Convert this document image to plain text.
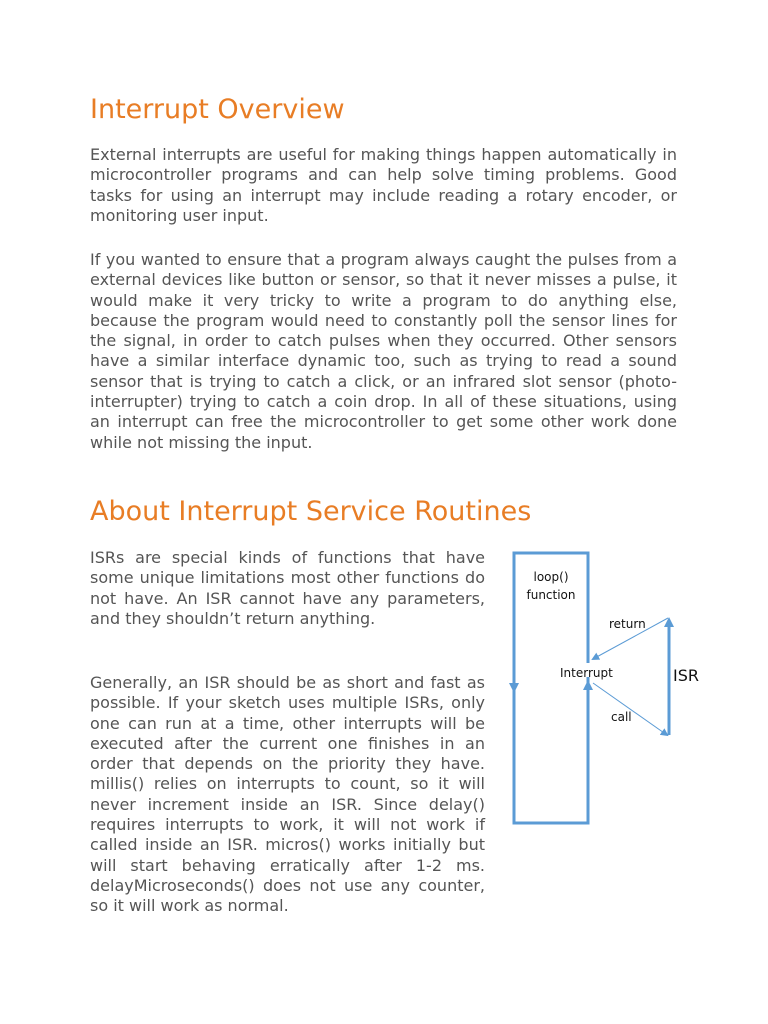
Interrupt Overview

External interrupts are useful for making things happen automatically in microcontroller programs and can help solve timing problems. Good tasks for using an interrupt may include reading a rotary encoder, or monitoring user input.

If you wanted to ensure that a program always caught the pulses from a external devices like button or sensor, so that it never misses a pulse, it would make it very tricky to write a program to do anything else, because the program would need to constantly poll the sensor lines for the signal, in order to catch pulses when they occurred. Other sensors have a similar interface dynamic too, such as trying to read a sound sensor that is trying to catch a click, or an infrared slot sensor (photo-interrupter) trying to catch a coin drop. In all of these situations, using an interrupt can free the microcontroller to get some other work done while not missing the input.

About Interrupt Service Routines

ISRs are special kinds of functions that have some unique limitations most other functions do not have. An ISR cannot have any parameters, and they shouldn’t return anything.

Generally, an ISR should be as short and fast as possible. If your sketch uses multiple ISRs, only one can run at a time, other interrupts will be executed after the current one finishes in an order that depends on the priority they have. millis() relies on interrupts to count, so it will never increment inside an ISR. Since delay() requires interrupts to work, it will not work if called inside an ISR. micros() works initially but will start behaving erratically after 1-2 ms. delayMicroseconds() does not use any counter, so it will work as normal.

loop()
function
return
Interrupt
call
ISR
